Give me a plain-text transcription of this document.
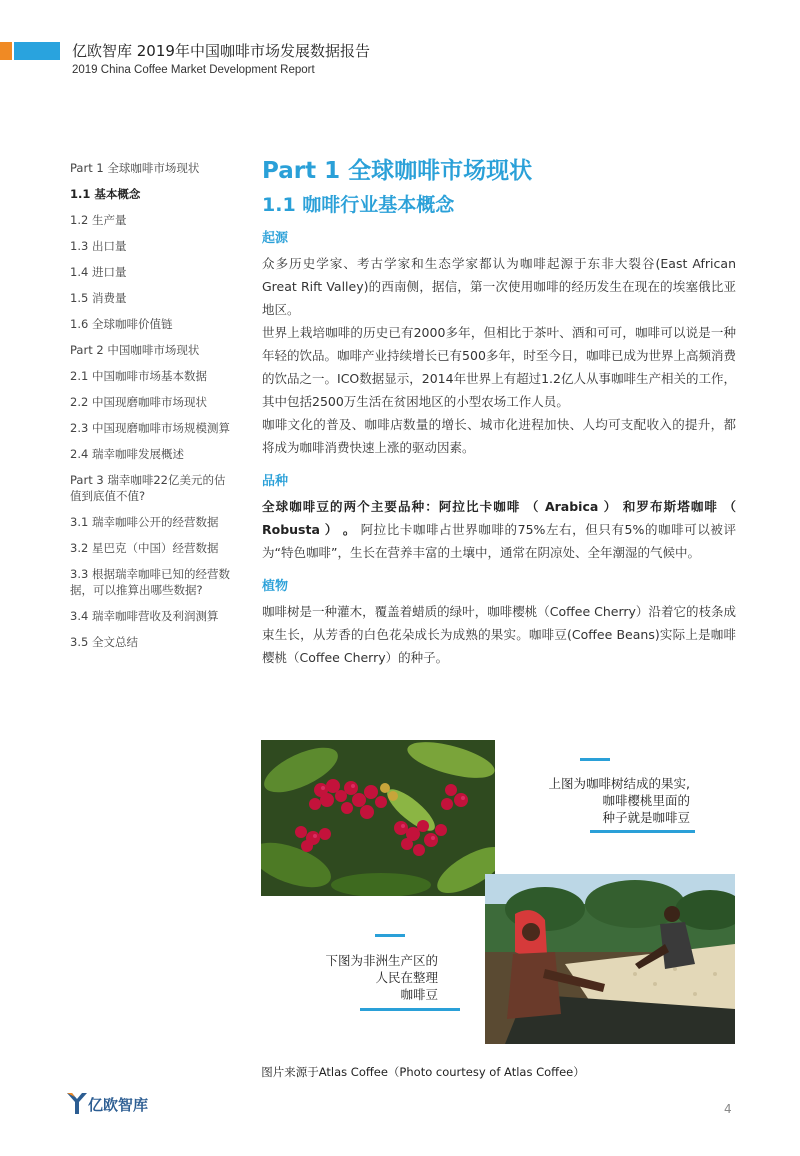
亿欧智库 2019年中国咖啡市场发展数据报告
2019 China Coffee Market Development Report
Part 1 全球咖啡市场现状
1.1 基本概念
1.2 生产量
1.3 出口量
1.4 进口量
1.5 消费量
1.6 全球咖啡价值链
Part 2 中国咖啡市场现状
2.1 中国咖啡市场基本数据
2.2 中国现磨咖啡市场现状
2.3 中国现磨咖啡市场规模测算
2.4 瑞幸咖啡发展概述
Part 3 瑞幸咖啡22亿美元的估值到底值不值?
3.1 瑞幸咖啡公开的经营数据
3.2 星巴克（中国）经营数据
3.3 根据瑞幸咖啡已知的经营数据，可以推算出哪些数据?
3.4 瑞幸咖啡营收及利润测算
3.5 全文总结
Part 1 全球咖啡市场现状
1.1 咖啡行业基本概念
起源

众多历史学家、考古学家和生态学家都认为咖啡起源于东非大裂谷(East African Great Rift Valley)的西南侧，据信，第一次使用咖啡的经历发生在现在的埃塞俄比亚地区。

世界上栽培咖啡的历史已有2000多年，但相比于茶叶、酒和可可，咖啡可以说是一种年轻的饮品。咖啡产业持续增长已有500多年，时至今日，咖啡已成为世界上高频消费的饮品之一。ICO数据显示，2014年世界上有超过1.2亿人从事咖啡生产相关的工作，其中包括2500万生活在贫困地区的小型农场工作人员。

咖啡文化的普及、咖啡店数量的增长、城市化进程加快、人均可支配收入的提升，都将成为咖啡消费快速上涨的驱动因素。

品种

全球咖啡豆的两个主要品种：阿拉比卡咖啡 （ Arabica ） 和罗布斯塔咖啡 （ Robusta ） 。 阿拉比卡咖啡占世界咖啡的75%左右，但只有5%的咖啡可以被评为“特色咖啡”，生长在营养丰富的土壤中，通常在阴凉处、全年潮湿的气候中。

植物

咖啡树是一种灌木，覆盖着蜡质的绿叶，咖啡樱桃（Coffee Cherry）沿着它的枝条成束生长，从芳香的白色花朵成长为成熟的果实。咖啡豆(Coffee Beans)实际上是咖啡樱桃（Coffee Cherry）的种子。

上图为咖啡树结成的果实,
咖啡樱桃里面的
种子就是咖啡豆
下图为非洲生产区的
人民在整理
咖啡豆
图片来源于Atlas Coffee（Photo courtesy of Atlas Coffee）
亿欧智库	4
